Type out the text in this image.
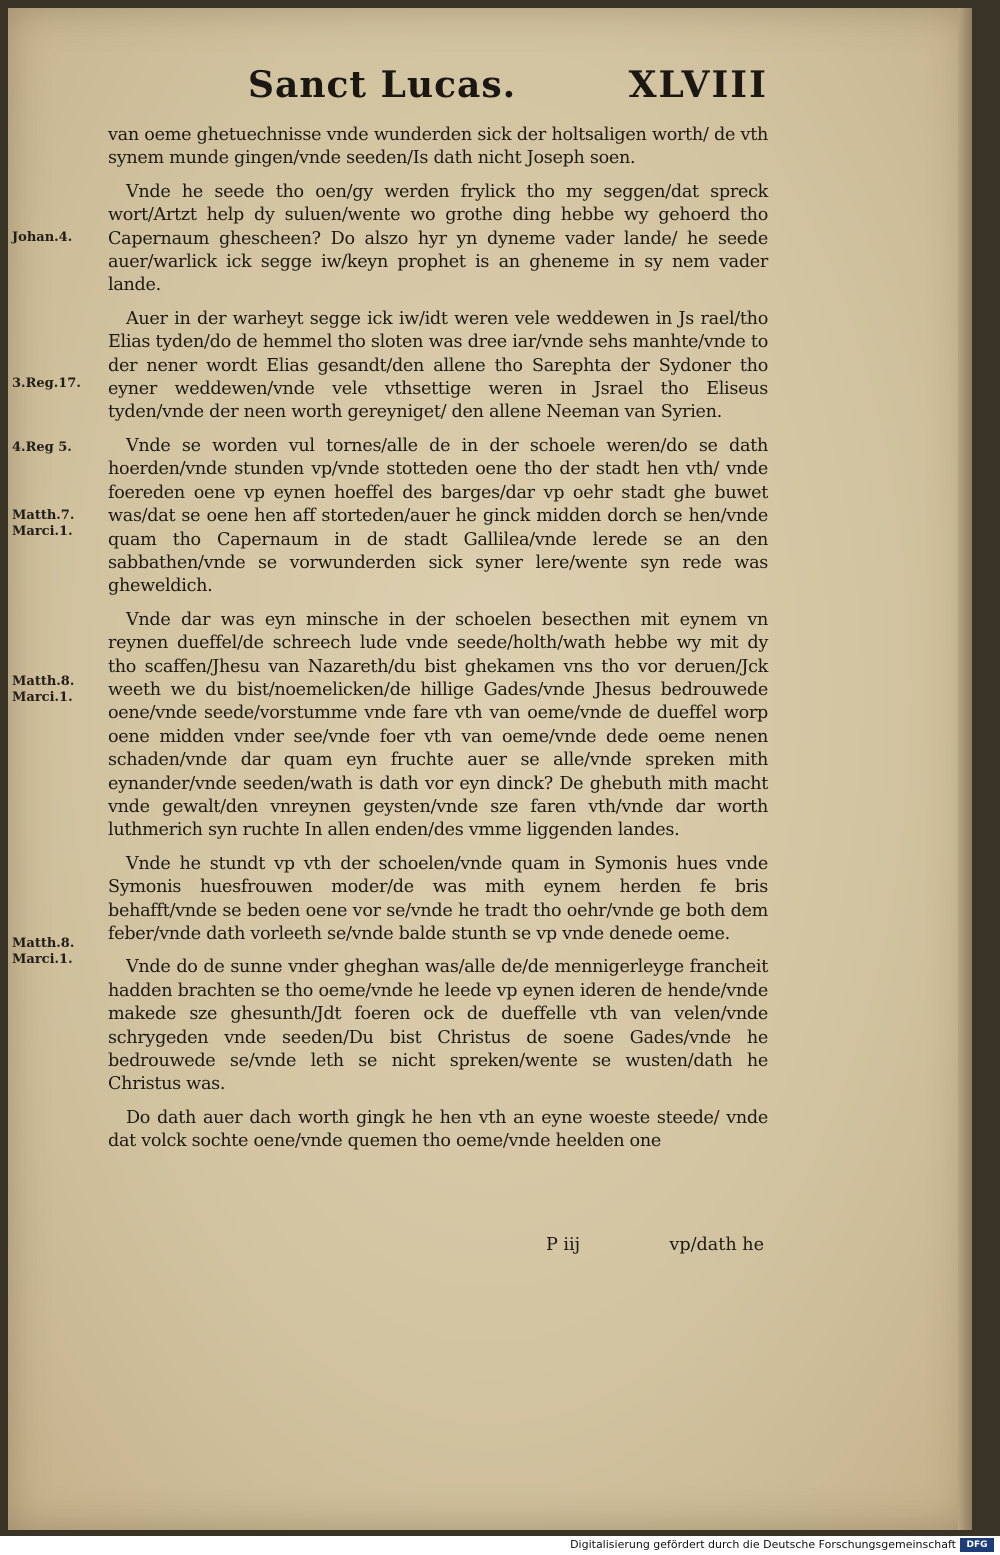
Sanct Lucas.	XLVIII
Johan.4.
3.Reg.17.
4.Reg 5.
Matth.7.
Marci.1.
Matth.8.
Marci.1.
Matth.8.
Marci.1.

van oeme ghetuechnisse vnde wunderden sick der holtsaligen worth/ de vth synem munde gingen/vnde seeden/Is dath nicht Joseph soen.

Vnde he seede tho oen/gy werden frylick tho my seggen/dat spreck wort/Artzt help dy suluen/wente wo grothe ding hebbe wy gehoerd tho Capernaum ghescheen? Do alszo hyr yn dyneme vader lande/ he seede auer/warlick ick segge iw/keyn prophet is an gheneme in sy nem vader lande.

Auer in der warheyt segge ick iw/idt weren vele weddewen in Js rael/tho Elias tyden/do de hemmel tho sloten was dree iar/vnde sehs manhte/vnde to der nener wordt Elias gesandt/den allene tho Sarephta der Sydoner tho eyner weddewen/vnde vele vthsettige weren in Jsrael tho Eliseus tyden/vnde der neen worth gereyniget/ den allene Neeman van Syrien.

Vnde se worden vul tornes/alle de in der schoele weren/do se dath hoerden/vnde stunden vp/vnde stotteden oene tho der stadt hen vth/ vnde foereden oene vp eynen hoeffel des barges/dar vp oehr stadt ghe buwet was/dat se oene hen aff storteden/auer he ginck midden dorch se hen/vnde quam tho Capernaum in de stadt Gallilea/vnde lerede se an den sabbathen/vnde se vorwunderden sick syner lere/wente syn rede was gheweldich.

Vnde dar was eyn minsche in der schoelen besecthen mit eynem vn reynen dueffel/de schreech lude vnde seede/holth/wath hebbe wy mit dy tho scaffen/Jhesu van Nazareth/du bist ghekamen vns tho vor deruen/Jck weeth we du bist/noemelicken/de hillige Gades/vnde Jhesus bedrouwede oene/vnde seede/vorstumme vnde fare vth van oeme/vnde de dueffel worp oene midden vnder see/vnde foer vth van oeme/vnde dede oeme nenen schaden/vnde dar quam eyn fruchte auer se alle/vnde spreken mith eynander/vnde seeden/wath is dath vor eyn dinck? De ghebuth mith macht vnde gewalt/den vnreynen geysten/vnde sze faren vth/vnde dar worth luthmerich syn ruchte In allen enden/des vmme liggenden landes.

Vnde he stundt vp vth der schoelen/vnde quam in Symonis hues vnde Symonis huesfrouwen moder/de was mith eynem herden fe bris behafft/vnde se beden oene vor se/vnde he tradt tho oehr/vnde ge both dem feber/vnde dath vorleeth se/vnde balde stunth se vp vnde denede oeme.

Vnde do de sunne vnder gheghan was/alle de/de mennigerleyge francheit hadden brachten se tho oeme/vnde he leede vp eynen ideren de hende/vnde makede sze ghesunth/Jdt foeren ock de dueffelle vth van velen/vnde schrygeden vnde seeden/Du bist Christus de soene Gades/vnde he bedrouwede se/vnde leth se nicht spreken/wente se wusten/dath he Christus was.

Do dath auer dach worth gingk he hen vth an eyne woeste steede/ vnde dat volck sochte oene/vnde quemen tho oeme/vnde heelden one

P iij	vp/dath he
Digitalisierung gefördert durch die Deutsche Forschungsgemeinschaft	DFG
